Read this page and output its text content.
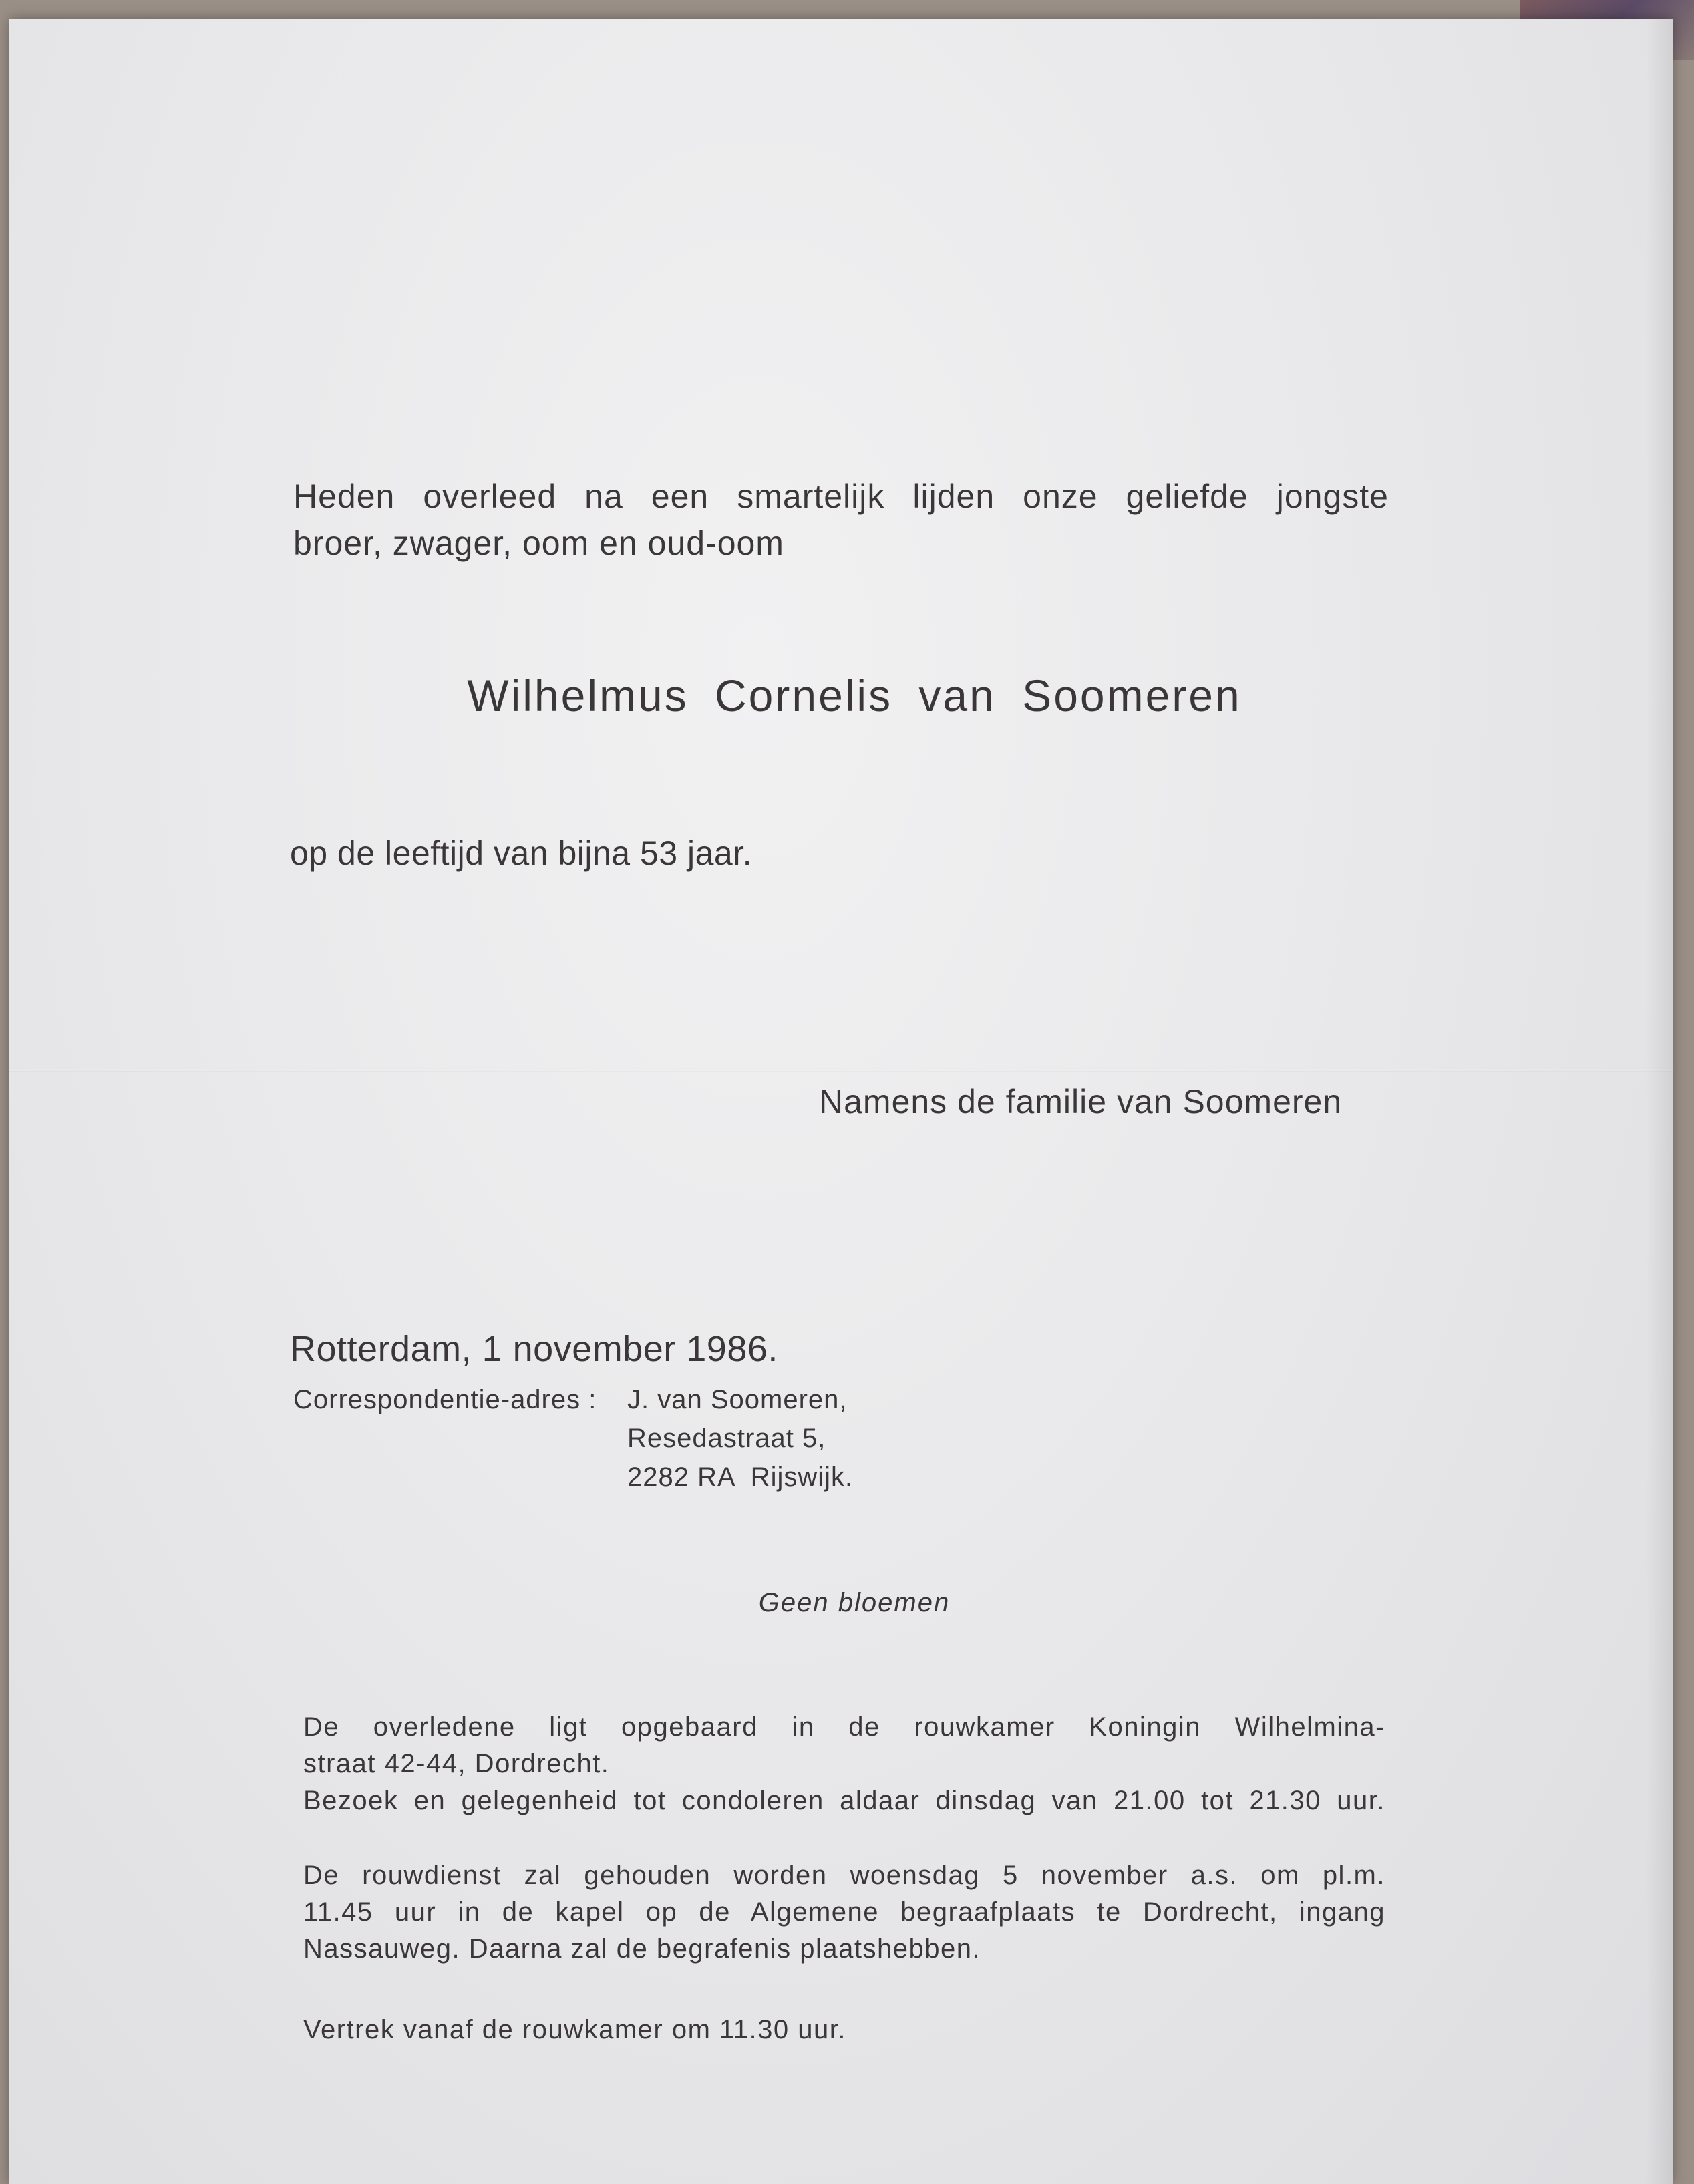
Heden overleed na een smartelijk lijden onze geliefde jongste
broer, zwager, oom en oud-oom
Wilhelmus Cornelis van Soomeren
op de leeftijd van bijna 53 jaar.
Namens de familie van Soomeren
Rotterdam, 1 november 1986.
Correspondentie-adres :	J. van Soomeren,
Resedastraat 5,
2282 RA  Rijswijk.
Geen bloemen
De overledene ligt opgebaard in de rouwkamer Koningin Wilhelmina-
straat 42-44, Dordrecht.
Bezoek en gelegenheid tot condoleren aldaar dinsdag van 21.00 tot 21.30 uur.
De rouwdienst zal gehouden worden woensdag 5 november a.s. om pl.m.
11.45 uur in de kapel op de Algemene begraafplaats te Dordrecht, ingang
Nassauweg. Daarna zal de begrafenis plaatshebben.
Vertrek vanaf de rouwkamer om 11.30 uur.
